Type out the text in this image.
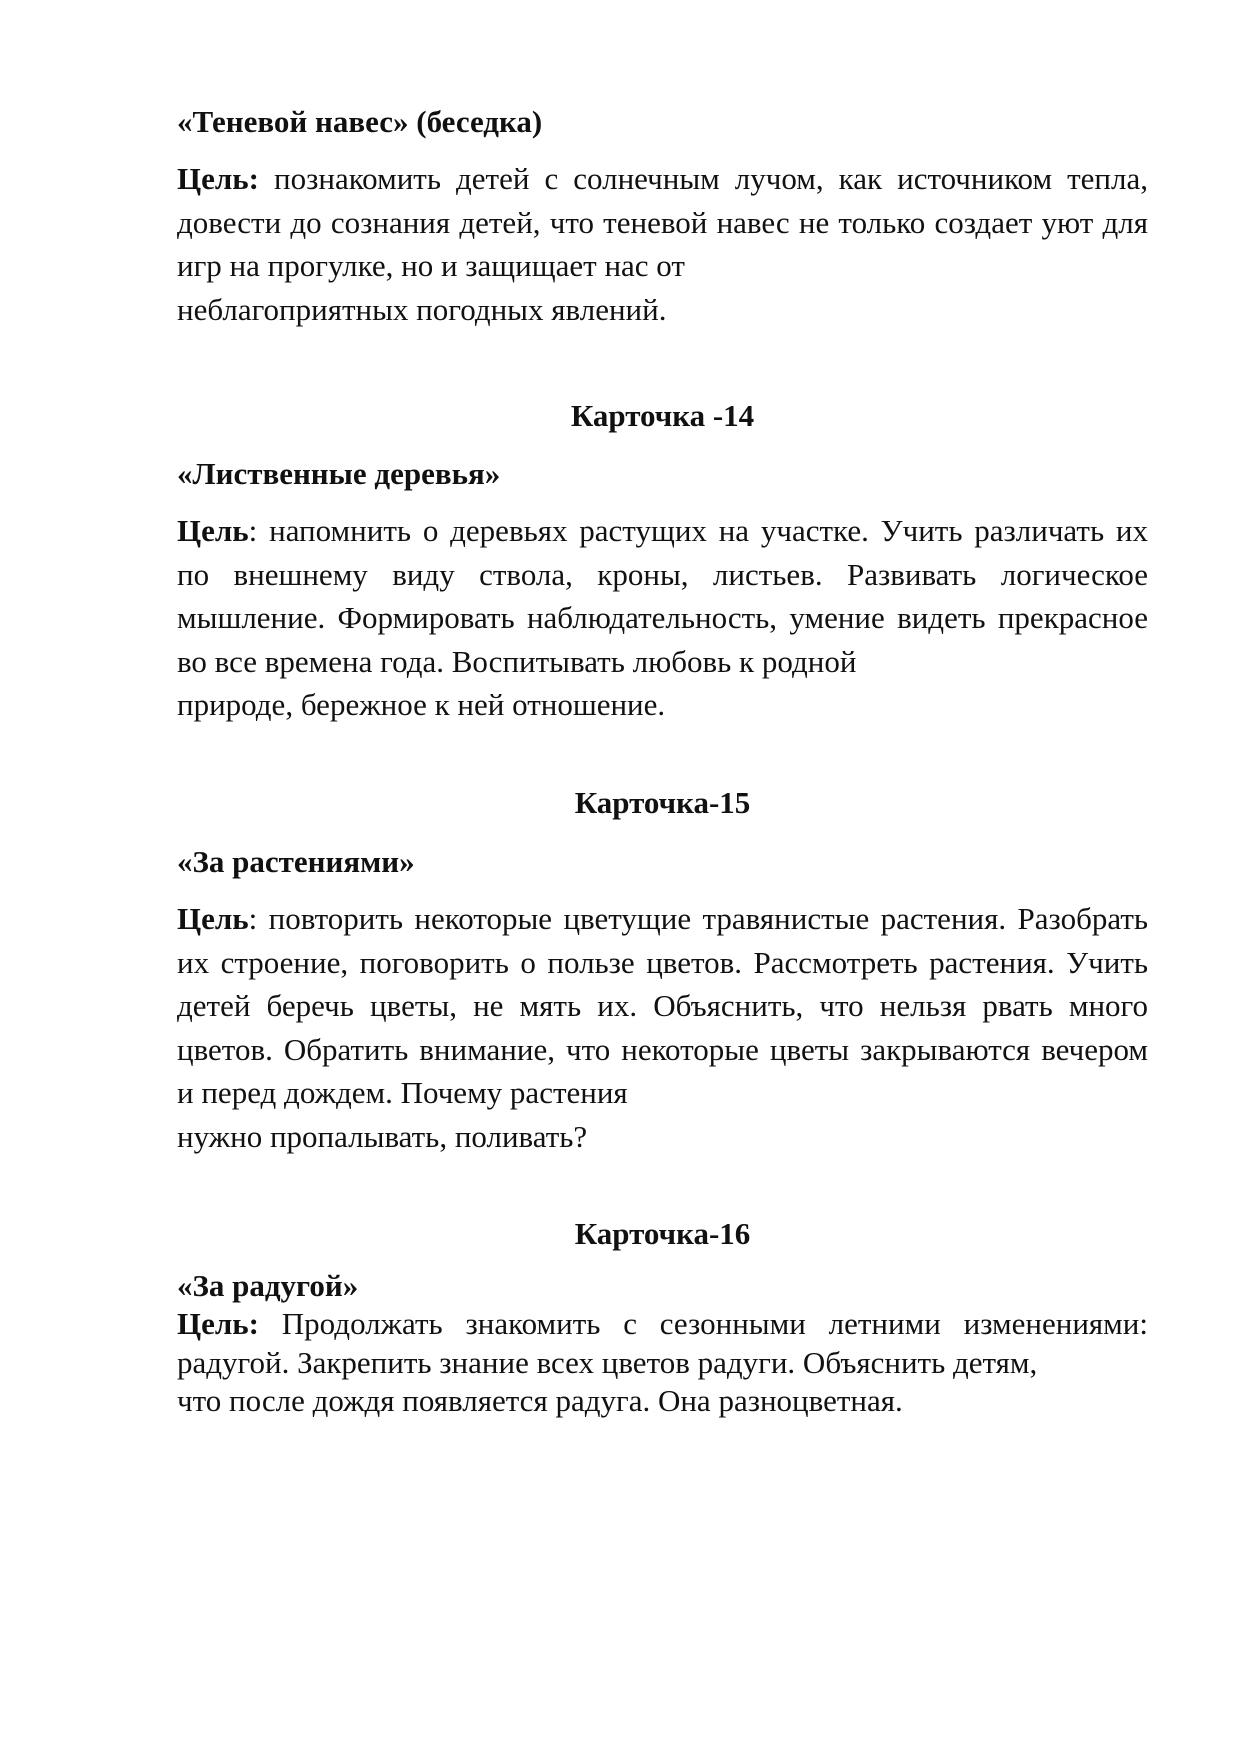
«Теневой навес» (беседка)

Цель: познакомить детей с солнечным лучом, как источником тепла, довести до сознания детей, что теневой навес не только создает уют для игр на прогулке, но и защищает нас от
неблагоприятных погодных явлений.

Карточка -14
«Лиственные деревья»

Цель: напомнить о деревьях растущих на участке. Учить различать их по внешнему виду ствола, кроны, листьев. Развивать логическое мышление. Формировать наблюдательность, умение видеть прекрасное во все времена года. Воспитывать любовь к родной
природе, бережное к ней отношение.

Карточка-15
«За растениями»

Цель: повторить некоторые цветущие травянистые растения. Разобрать их строение, поговорить о пользе цветов. Рассмотреть растения. Учить детей беречь цветы, не мять их. Объяснить, что нельзя рвать много цветов. Обратить внимание, что некоторые цветы закрываются вечером и перед дождем. Почему растения
нужно пропалывать, поливать?

Карточка-16
«За радугой»

Цель: Продолжать знакомить с сезонными летними изменениями: радугой. Закрепить знание всех цветов радуги. Объяснить детям,
что после дождя появляется радуга. Она разноцветная.
